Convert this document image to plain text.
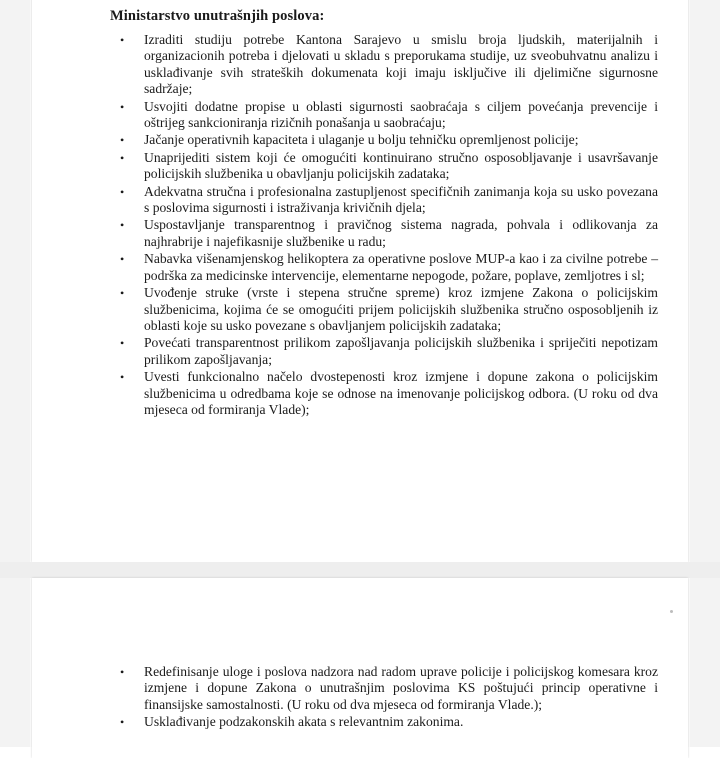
Ministarstvo unutrašnjih poslova:
• Izraditi studiju potrebe Kantona Sarajevo u smislu broja ljudskih, materijalnih i organizacionih potreba i djelovati u skladu s preporukama studije, uz sveobuhvatnu analizu i usklađivanje svih strateških dokumenata koji imaju isključive ili djelimične sigurnosne sadržaje;
• Usvojiti dodatne propise u oblasti sigurnosti saobraćaja s ciljem povećanja prevencije i oštrijeg sankcioniranja rizičnih ponašanja u saobraćaju;
• Jačanje operativnih kapaciteta i ulaganje u bolju tehničku opremljenost policije;
• Unaprijediti sistem koji će omogućiti kontinuirano stručno osposobljavanje i usavršavanje policijskih službenika u obavljanju policijskih zadataka;
• Adekvatna stručna i profesionalna zastupljenost specifičnih zanimanja koja su usko povezana s poslovima sigurnosti i istraživanja krivičnih djela;
• Uspostavljanje transparentnog i pravičnog sistema nagrada, pohvala i odlikovanja za najhrabrije i najefikasnije službenike u radu;
• Nabavka višenamjenskog helikoptera za operativne poslove MUP-a kao i za civilne potrebe – podrška za medicinske intervencije, elementarne nepogode, požare, poplave, zemljotres i sl;
• Uvođenje struke (vrste i stepena stručne spreme) kroz izmjene Zakona o policijskim službenicima, kojima će se omogućiti prijem policijskih službenika stručno osposobljenih iz oblasti koje su usko povezane s obavljanjem policijskih zadataka;
• Povećati transparentnost prilikom zapošljavanja policijskih službenika i spriječiti nepotizam prilikom zapošljavanja;
• Uvesti funkcionalno načelo dvostepenosti kroz izmjene i dopune zakona o policijskim službenicima u odredbama koje se odnose na imenovanje policijskog odbora. (U roku od dva mjeseca od formiranja Vlade);
• Redefinisanje uloge i poslova nadzora nad radom uprave policije i policijskog komesara kroz izmjene i dopune Zakona o unutrašnjim poslovima KS poštujući princip operativne i finansijske samostalnosti. (U roku od dva mjeseca od formiranja Vlade.);
• Usklađivanje podzakonskih akata s relevantnim zakonima.
